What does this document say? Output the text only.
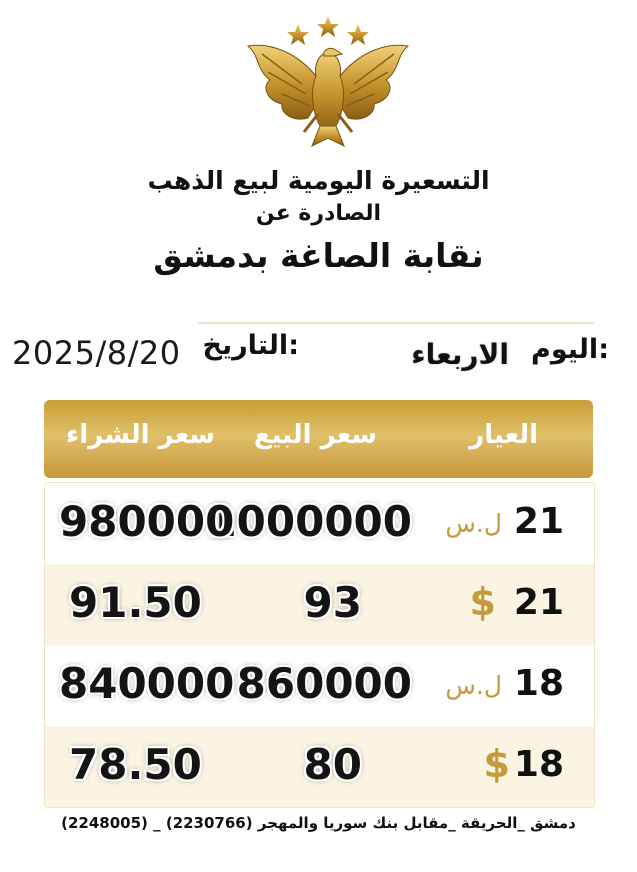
التسعيرة اليومية لبيع الذهب
الصادرة عن
نقابة الصاغة بدمشق
اليوم:
الاربعاء
التاريخ:
2025/8/20
العيار
سعر البيع
سعر الشراء
21
ل.س
1000000
980000
21
$
93
91.50
18
ل.س
860000
840000
18
$
80
78.50
دمشق _الحريقة _مقابل بنك سوريا والمهجر (2230766) _ (2248005)
